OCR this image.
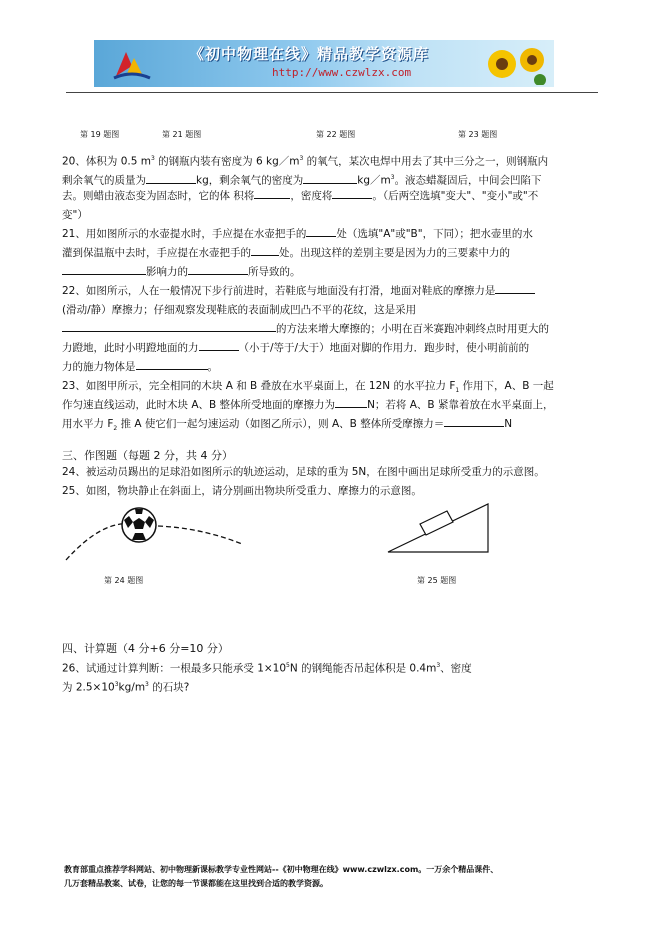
《初中物理在线》精品教学资源库
http://www.czwlzx.com
第 19 题图	第 21 题图	第 22 题图	第 23 题图
20、体积为 0.5 $m^3$ 的钢瓶内装有密度为 6 $kg/m^3$ 的氧气，某次电焊中用去了其中三分之一，则钢瓶内
剩余氧气的质量为	kg，剩余氧气的密度为	$kg/m^3$。液态蜡凝固后，中间会凹陷下
去。则蜡由液态变为固态时，它的体 积将	，密度将	。（后两空选填"变大"、"变小"或"不
变"）
21、用如图所示的水壶提水时，手应提在水壶把手的	处（选填"A"或"B"，下同）；把水壶里的水
灌到保温瓶中去时，手应提在水壶把手的	处。出现这样的差别主要是因为力的三要素中力的
影响力的	所导致的。
22、如图所示，人在一般情况下步行前进时，若鞋底与地面没有打滑，地面对鞋底的摩擦力是
(滑动/静）摩擦力；仔细观察发现鞋底的表面制成凹凸不平的花纹，这是采用
的方法来增大摩擦的；小明在百米赛跑冲刺终点时用更大的
力蹬地，此时小明蹬地面的力	（小于/等于/大于）地面对脚的作用力．跑步时，使小明前前的
力的施力物体是	。
23、如图甲所示，完全相同的木块 A 和 B 叠放在水平桌面上，在 12N 的水平拉力 $F_1$ 作用下，A、B 一起
作匀速直线运动，此时木块 A、B 整体所受地面的摩擦力为	N；若将 A、B 紧靠着放在水平桌面上，
用水平力 $F_2$ 推 A 使它们一起匀速运动（如图乙所示），则 A、B 整体所受摩擦力＝	N
三、作图题（每题 2 分，共 4 分）
24、被运动员踢出的足球沿如图所示的轨迹运动，足球的重为 5N，在图中画出足球所受重力的示意图。
25、如图，物块静止在斜面上，请分别画出物块所受重力、摩擦力的示意图。
第 24 题图	第 25 题图
四、计算题（4 分+6 分=10 分）
26、试通过计算判断：一根最多只能承受 $1\times 10^5N$ 的钢绳能否吊起体积是 $0.4m^3$、密度
为 $2.5\times 10^3kg/m^3$ 的石块?
教育部重点推荐学科网站、初中物理新课标教学专业性网站--《初中物理在线》www.czwlzx.com。一万余个精品课件、
几万套精品教案、试卷，让您的每一节课都能在这里找到合适的教学资源。
